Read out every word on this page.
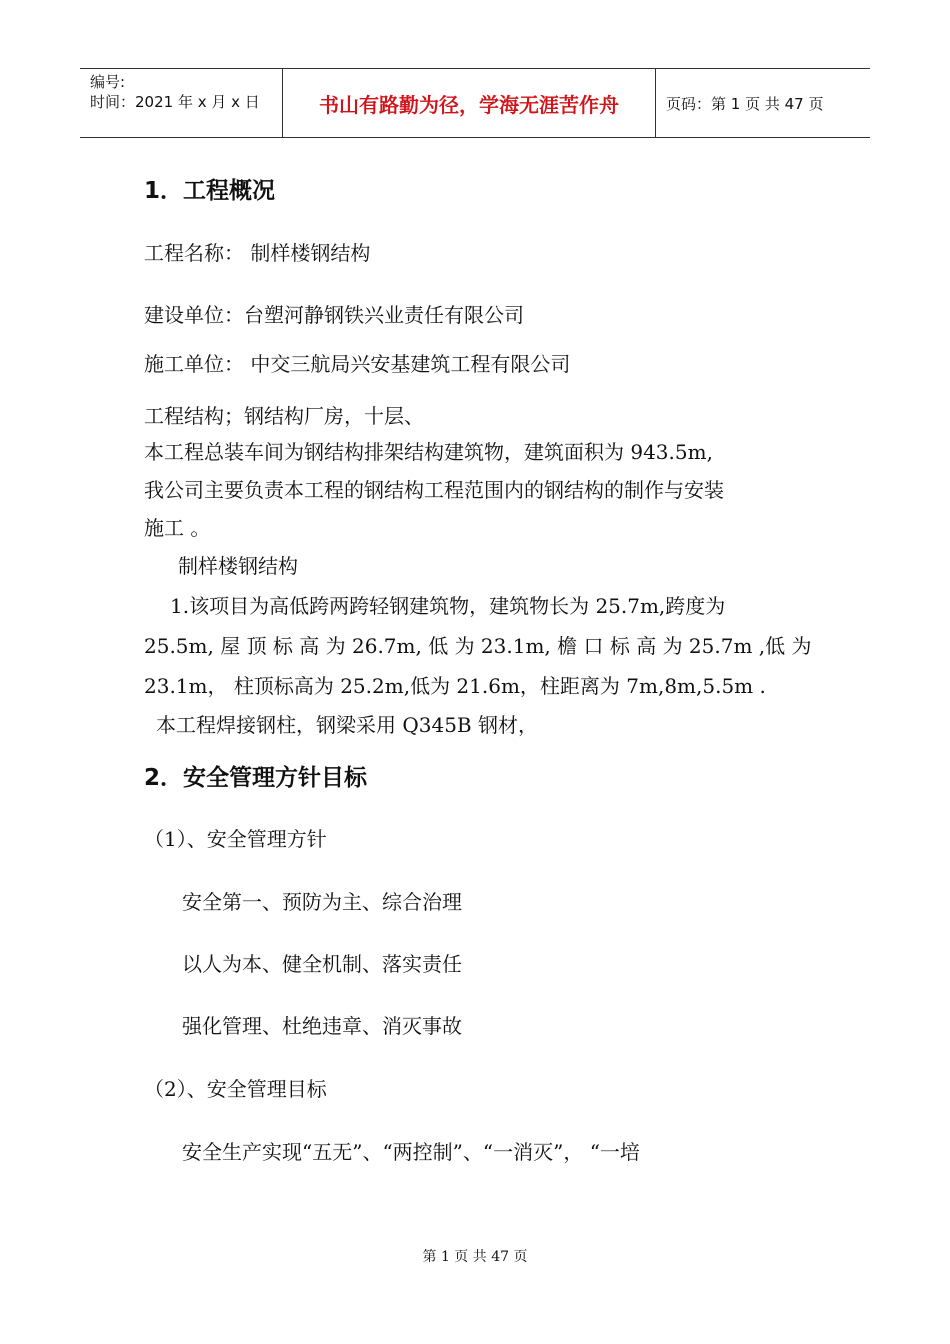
编号:
时间：2021 年 x 月 x 日	书山有路勤为径，学海无涯苦作舟	页码：第 1 页 共 47 页
1．工程概况
工程名称： 制样楼钢结构
建设单位：台塑河静钢铁兴业责任有限公司
施工单位： 中交三航局兴安基建筑工程有限公司
工程结构；钢结构厂房，十层、
本工程总装车间为钢结构排架结构建筑物，建筑面积为 943.5m,
我公司主要负责本工程的钢结构工程范围内的钢结构的制作与安装
施工 。
制样楼钢结构
1.该项目为高低跨两跨轻钢建筑物，建筑物长为 25.7m,跨度为
25.5m, 屋 顶 标 高 为 26.7m, 低 为 23.1m, 檐 口 标 高 为 25.7m ,低 为
23.1m， 柱顶标高为 25.2m,低为 21.6m，柱距离为 7m,8m,5.5m .
本工程焊接钢柱，钢梁采用 Q345B 钢材，
2．安全管理方针目标
（1）、安全管理方针
安全第一、预防为主、综合治理
以人为本、健全机制、落实责任
强化管理、杜绝违章、消灭事故
（2）、安全管理目标
安全生产实现“五无”、“两控制”、“一消灭”， “一培
第 1 页 共 47 页
